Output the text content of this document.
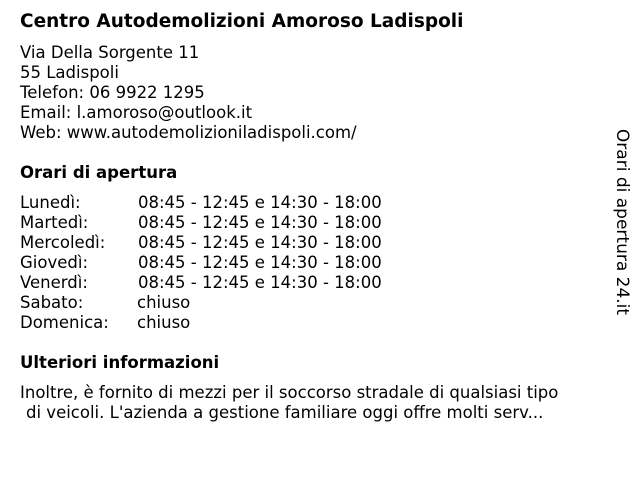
Centro Autodemolizioni Amoroso Ladispoli
Via Della Sorgente 11
55 Ladispoli
Telefon: 06 9922 1295
Email: l.amoroso@outlook.it
Web: www.autodemolizioniladispoli.com/
Orari di apertura
Lunedì:	08:45 - 12:45 e 14:30 - 18:00
Martedì:	08:45 - 12:45 e 14:30 - 18:00
Mercoledì: 08:45 - 12:45 e 14:30 - 18:00
Giovedì:	08:45 - 12:45 e 14:30 - 18:00
Venerdì:	08:45 - 12:45 e 14:30 - 18:00
Sabato:	chiuso
Domenica: chiuso
Ulteriori informazioni
Inoltre, è fornito di mezzi per il soccorso stradale di qualsiasi tipo
di veicoli. L'azienda a gestione familiare oggi offre molti serv...
Orari di apertura 24.it
